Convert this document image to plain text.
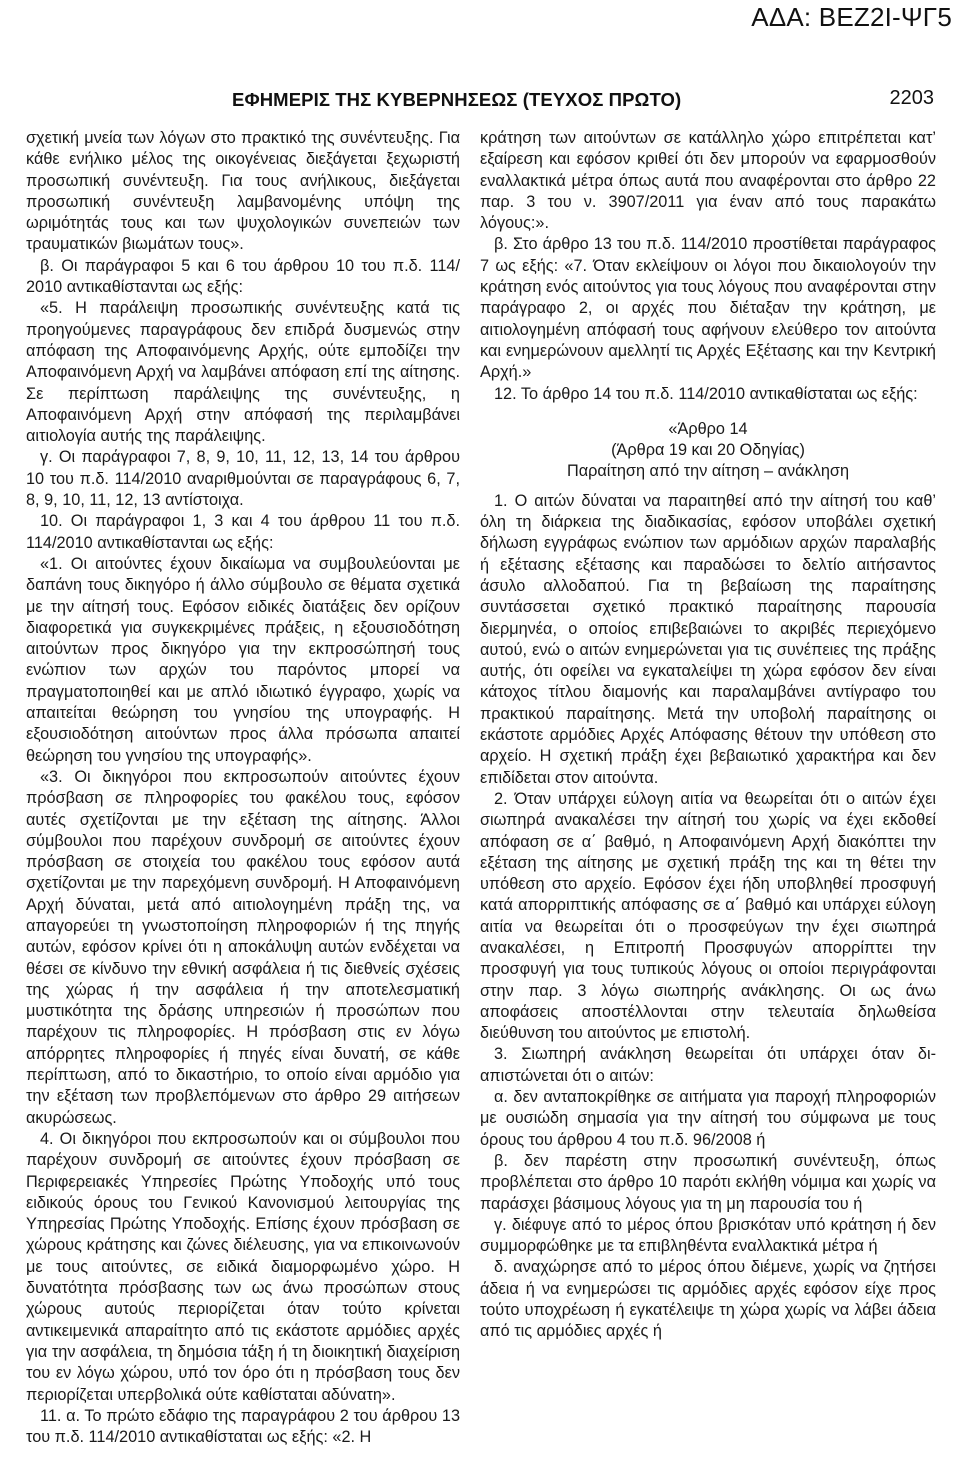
ΑΔΑ: ΒΕΖ2Ι-ΨΓ5
ΕΦΗΜΕΡΙΣ ΤΗΣ ΚΥΒΕΡΝΗΣΕΩΣ (ΤΕΥΧΟΣ ΠΡΩΤΟ)	2203

σχετική μνεία των λόγων στο πρακτικό της συνέντευξης. Για κάθε ενήλικο μέλος της οικογένειας διεξάγεται ξεχωριστή προσωπική συνέντευξη. Για τους ανήλικους, διεξάγεται προσωπική συνέντευξη λαμβανομένης υπόψη της ωριμότητάς τους και των ψυχολογικών συνεπειών των τραυματικών βιωμάτων τους».

β. Οι παράγραφοι 5 και 6 του άρθρου 10 του π.δ. 114/ 2010 αντικαθίστανται ως εξής:

«5. Η παράλειψη προσωπικής συνέντευξης κατά τις προηγούμενες παραγράφους δεν επιδρά δυσμενώς στην απόφαση της Αποφαινόμενης Αρχής, ούτε εμποδίζει την Αποφαινόμενη Αρχή να λαμβάνει απόφαση επί της αίτησης. Σε περίπτωση παράλειψης της συνέντευξης, η Αποφαινόμενη Αρχή στην απόφασή της περιλαμβάνει αιτιολογία αυτής της παράλειψης.

γ. Οι παράγραφοι 7, 8, 9, 10, 11, 12, 13, 14 του άρθρου 10 του π.δ. 114/2010 αναριθμούνται σε παραγράφους 6, 7, 8, 9, 10, 11, 12, 13 αντίστοιχα.

10. Οι παράγραφοι 1, 3 και 4 του άρθρου 11 του π.δ. 114/2010 αντικαθίστανται ως εξής:

«1. Οι αιτούντες έχουν δικαίωμα να συμβουλεύονται με δαπάνη τους δικηγόρο ή άλλο σύμβουλο σε θέματα σχετικά με την αίτησή τους. Εφόσον ειδικές διατάξεις δεν ορίζουν διαφορετικά για συγκεκριμένες πράξεις, η εξουσιοδότηση αιτούντων προς δικηγόρο για την εκπροσώπησή τους ενώπιον των αρχών του παρόντος μπορεί να πραγματοποιηθεί και με απλό ιδιωτικό έγγραφο, χωρίς να απαιτείται θεώρηση του γνησίου της υπογραφής. Η εξουσιοδότηση αιτούντων προς άλλα πρόσωπα απαιτεί θεώρηση του γνησίου της υπογραφής».

«3. Οι δικηγόροι που εκπροσωπούν αιτούντες έχουν πρόσβαση σε πληροφορίες του φακέλου τους, εφόσον αυτές σχετίζονται με την εξέταση της αίτησης. Άλλοι σύμβουλοι που παρέχουν συνδρομή σε αιτούντες έχουν πρόσβαση σε στοιχεία του φακέλου τους εφόσον αυτά σχετίζονται με την παρεχόμενη συνδρομή. Η Αποφαινόμενη Αρχή δύναται, μετά από αιτιολογημένη πράξη της, να απαγορεύει τη γνωστοποίηση πληροφοριών ή της πηγής αυτών, εφόσον κρίνει ότι η αποκάλυψη αυτών ενδέχεται να θέσει σε κίνδυνο την εθνική ασφάλεια ή τις διεθνείς σχέσεις της χώρας ή την ασφάλεια ή την αποτελεσματική μυστικότητα της δράσης υπηρεσιών ή προσώπων που παρέχουν τις πληροφορίες. Η πρόσβαση στις εν λόγω απόρρητες πληροφορίες ή πηγές είναι δυνατή, σε κάθε περίπτωση, από το δικαστήριο, το οποίο είναι αρμόδιο για την εξέταση των προβλεπόμενων στο άρθρο 29 αιτήσεων ακυρώσεως.

4. Οι δικηγόροι που εκπροσωπούν και οι σύμβουλοι που παρέχουν συνδρομή σε αιτούντες έχουν πρόσβαση σε Περιφερειακές Υπηρεσίες Πρώτης Υποδοχής υπό τους ειδικούς όρους του Γενικού Κανονισμού λειτουργίας της Υπηρεσίας Πρώτης Υποδοχής. Επίσης έχουν πρόσβαση σε χώρους κράτησης και ζώνες διέλευσης, για να επικοινωνούν με τους αιτούντες, σε ειδικά διαμορφωμένο χώρο. Η δυνατότητα πρόσβασης των ως άνω προσώπων στους χώρους αυτούς περιορίζεται όταν τούτο κρίνεται αντικειμενικά απαραίτητο από τις εκάστοτε αρμόδιες αρχές για την ασφάλεια, τη δημόσια τάξη ή τη διοικητική διαχείριση του εν λόγω χώρου, υπό τον όρο ότι η πρόσβαση τους δεν περιορίζεται υπερβολικά ούτε καθίσταται αδύνατη».

11. α. Το πρώτο εδάφιο της παραγράφου 2 του άρθρου 13 του π.δ. 114/2010 αντικαθίσταται ως εξής: «2. Η

κράτηση των αιτούντων σε κατάλληλο χώρο επιτρέπεται κατ’ εξαίρεση και εφόσον κριθεί ότι δεν μπορούν να εφαρμοσθούν εναλλακτικά μέτρα όπως αυτά που αναφέρονται στο άρθρο 22 παρ. 3 του ν. 3907/2011 για έναν από τους παρακάτω λόγους:».

β. Στο άρθρο 13 του π.δ. 114/2010 προστίθεται παράγραφος 7 ως εξής: «7. Όταν εκλείψουν οι λόγοι που δικαιολογούν την κράτηση ενός αιτούντος για τους λόγους που αναφέρονται στην παράγραφο 2, οι αρχές που διέταξαν την κράτηση, με αιτιολογημένη απόφασή τους αφήνουν ελεύθερο τον αιτούντα και ενημερώνουν αμελλητί τις Αρχές Εξέτασης και την Κεντρική Αρχή.»

12. Το άρθρο 14 του π.δ. 114/2010 αντικαθίσταται ως εξής:

«Άρθρο 14

(Άρθρα 19 και 20 Οδηγίας)

Παραίτηση από την αίτηση – ανάκληση

1. Ο αιτών δύναται να παραιτηθεί από την αίτησή του καθ’ όλη τη διάρκεια της διαδικασίας, εφόσον υποβάλει σχετική δήλωση εγγράφως ενώπιον των αρμόδιων αρχών παραλαβής ή εξέτασης εξέτασης και παραδώσει το δελτίο αιτήσαντος άσυλο αλλοδαπού. Για τη βεβαίωση της παραίτησης συντάσσεται σχετικό πρακτικό παραίτησης παρουσία διερμηνέα, ο οποίος επιβεβαιώνει το ακριβές περιεχόμενο αυτού, ενώ ο αιτών ενημερώνεται για τις συνέπειες της πράξης αυτής, ότι οφείλει να εγκαταλείψει τη χώρα εφόσον δεν είναι κάτοχος τίτλου διαμονής και παραλαμβάνει αντίγραφο του πρακτικού παραίτησης. Μετά την υποβολή παραίτησης οι εκάστοτε αρμόδιες Αρχές Απόφασης θέτουν την υπόθεση στο αρχείο. Η σχετική πράξη έχει βεβαιωτικό χαρακτήρα και δεν επιδίδεται στον αιτούντα.

2. Όταν υπάρχει εύλογη αιτία να θεωρείται ότι ο αιτών έχει σιωπηρά ανακαλέσει την αίτησή του χωρίς να έχει εκδοθεί απόφαση σε α΄ βαθμό, η Αποφαινόμενη Αρχή διακόπτει την εξέταση της αίτησης με σχετική πράξη της και τη θέτει την υπόθεση στο αρχείο. Εφόσον έχει ήδη υποβληθεί προσφυγή κατά απορριπτικής απόφασης σε α΄ βαθμό και υπάρχει εύλογη αιτία να θεωρείται ότι ο προσφεύγων την έχει σιωπηρά ανακαλέσει, η Επιτροπή Προσφυγών απορρίπτει την προσφυγή για τους τυπικούς λόγους οι οποίοι περιγράφονται στην παρ. 3 λόγω σιωπηρής ανάκλησης. Οι ως άνω αποφάσεις αποστέλλονται στην τελευταία δηλωθείσα διεύθυνση του αιτούντος με επιστολή.

3. Σιωπηρή ανάκληση θεωρείται ότι υπάρχει όταν διαπιστώνεται ότι ο αιτών:

α. δεν ανταποκρίθηκε σε αιτήματα για παροχή πληροφοριών με ουσιώδη σημασία για την αίτησή του σύμφωνα με τους όρους του άρθρου 4 του π.δ. 96/2008 ή

β. δεν παρέστη στην προσωπική συνέντευξη, όπως προβλέπεται στο άρθρο 10 παρότι εκλήθη νόμιμα και χωρίς να παράσχει βάσιμους λόγους για τη μη παρουσία του ή

γ. διέφυγε από το μέρος όπου βρισκόταν υπό κράτηση ή δεν συμμορφώθηκε με τα επιβληθέντα εναλλακτικά μέτρα ή

δ. αναχώρησε από το μέρος όπου διέμενε, χωρίς να ζητήσει άδεια ή να ενημερώσει τις αρμόδιες αρχές εφόσον είχε προς τούτο υποχρέωση ή εγκατέλειψε τη χώρα χωρίς να λάβει άδεια από τις αρμόδιες αρχές ή
